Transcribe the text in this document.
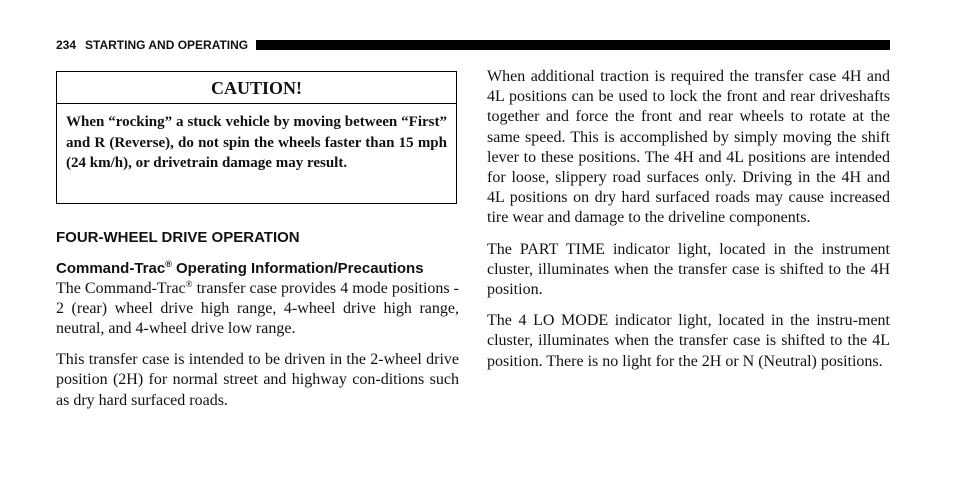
234 STARTING AND OPERATING
CAUTION!
When “rocking” a stuck vehicle by moving between “First” and R (Reverse), do not spin the wheels faster than 15 mph (24 km/h), or drivetrain damage may result.

FOUR-WHEEL DRIVE OPERATION

Command-Trac® Operating Information/Precautions

The Command-Trac® transfer case provides 4 mode positions - 2 (rear) wheel drive high range, 4-wheel drive high range, neutral, and 4-wheel drive low range.

This transfer case is intended to be driven in the 2-wheel drive position (2H) for normal street and highway con-ditions such as dry hard surfaced roads.

When additional traction is required the transfer case 4H and 4L positions can be used to lock the front and rear driveshafts together and force the front and rear wheels to rotate at the same speed. This is accomplished by simply moving the shift lever to these positions. The 4H and 4L positions are intended for loose, slippery road surfaces only. Driving in the 4H and 4L positions on dry hard surfaced roads may cause increased tire wear and damage to the driveline components.

The PART TIME indicator light, located in the instrument cluster, illuminates when the transfer case is shifted to the 4H position.

The 4 LO MODE indicator light, located in the instru-ment cluster, illuminates when the transfer case is shifted to the 4L position. There is no light for the 2H or N (Neutral) positions.
